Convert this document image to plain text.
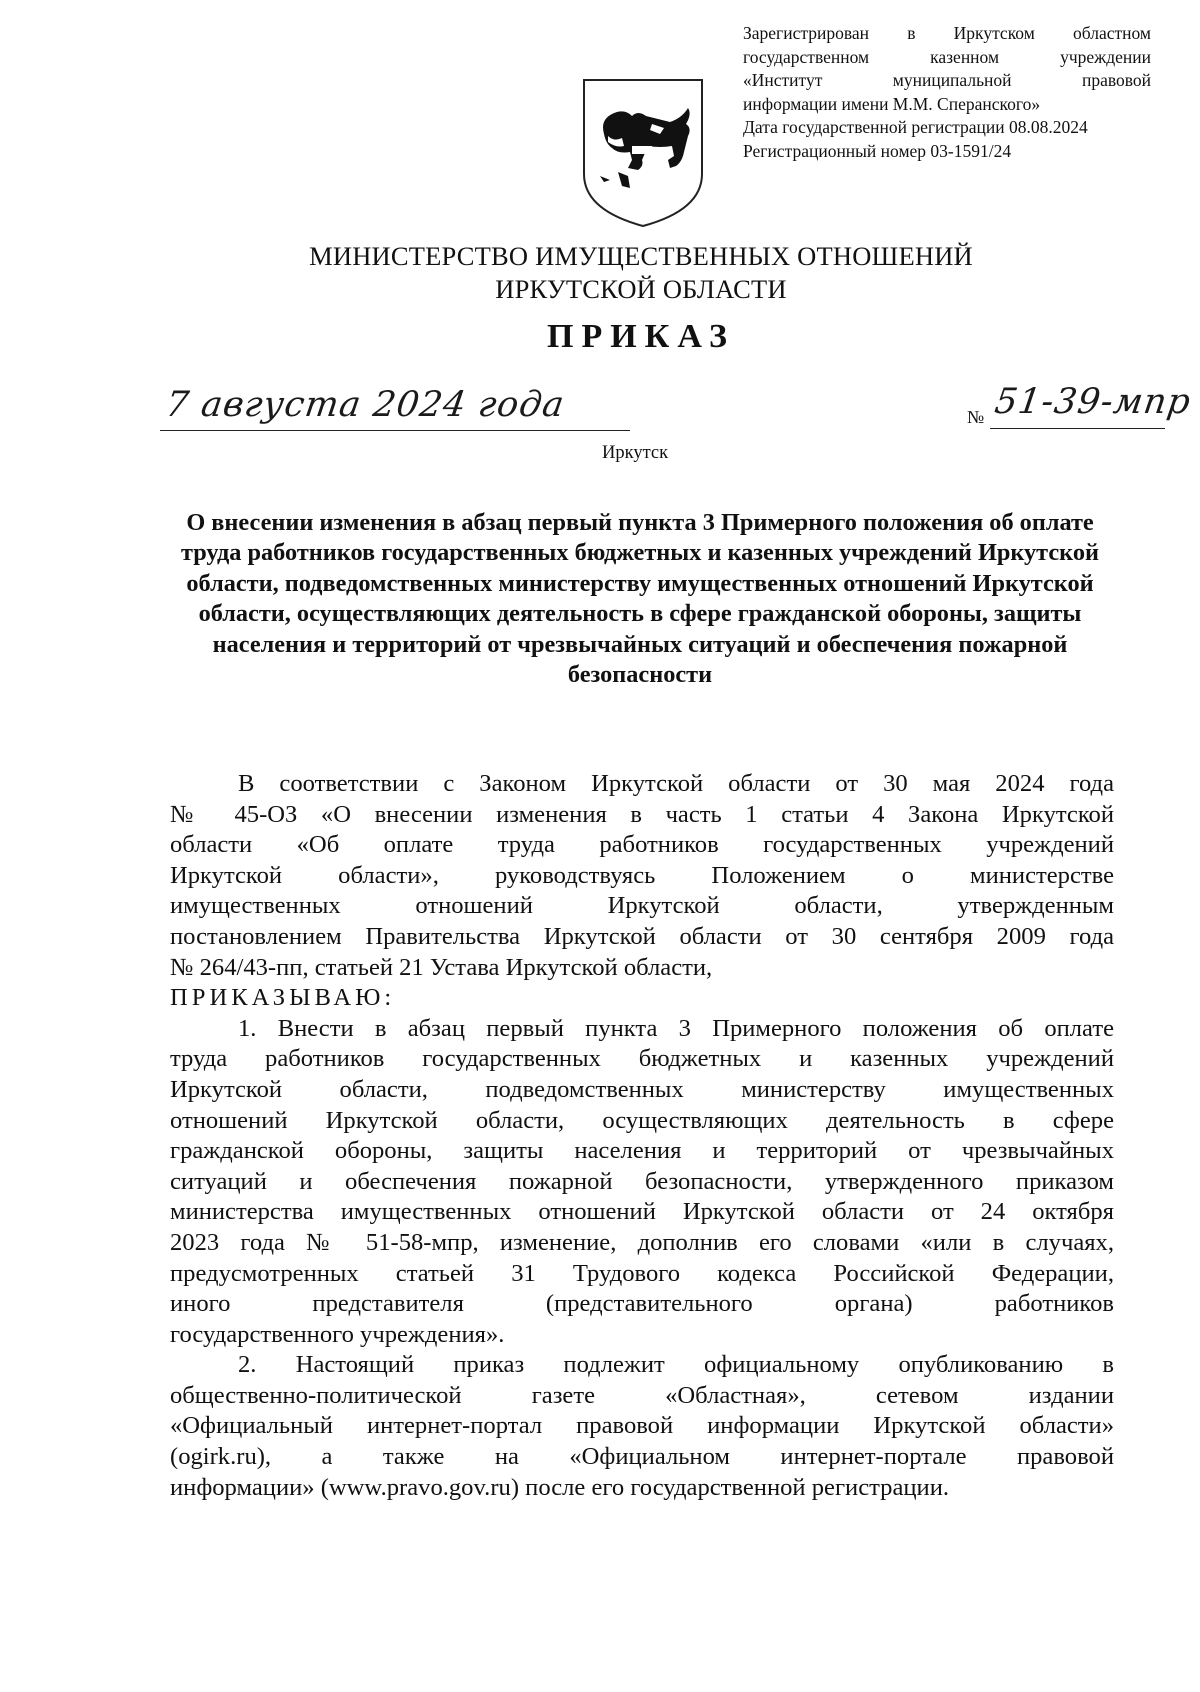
Зарегистрирован в Иркутском областном
государственном казенном учреждении
«Институт муниципальной правовой
информации имени М.М. Сперанского»
Дата государственной регистрации 08.08.2024
Регистрационный номер 03-1591/24
МИНИСТЕРСТВО ИМУЩЕСТВЕННЫХ ОТНОШЕНИЙ
ИРКУТСКОЙ ОБЛАСТИ
ПРИКАЗ
7 августа 2024 года	№ 51-39-мпр
Иркутск
О внесении изменения в абзац первый пункта 3 Примерного положения об оплате труда работников государственных бюджетных и казенных учреждений Иркутской области, подведомственных министерству имущественных отношений Иркутской области, осуществляющих деятельность в сфере гражданской обороны, защиты населения и территорий от чрезвычайных ситуаций и обеспечения пожарной безопасности
В соответствии с Законом Иркутской области от 30 мая 2024 года
№ 45-ОЗ «О внесении изменения в часть 1 статьи 4 Закона Иркутской
области «Об оплате труда работников государственных учреждений
Иркутской области», руководствуясь Положением о министерстве
имущественных отношений Иркутской области, утвержденным
постановлением Правительства Иркутской области от 30 сентября 2009 года
№ 264/43-пп, статьей 21 Устава Иркутской области,
ПРИКАЗЫВАЮ:
1. Внести в абзац первый пункта 3 Примерного положения об оплате
труда работников государственных бюджетных и казенных учреждений
Иркутской области, подведомственных министерству имущественных
отношений Иркутской области, осуществляющих деятельность в сфере
гражданской обороны, защиты населения и территорий от чрезвычайных
ситуаций и обеспечения пожарной безопасности, утвержденного приказом
министерства имущественных отношений Иркутской области от 24 октября
2023 года № 51-58-мпр, изменение, дополнив его словами «или в случаях,
предусмотренных статьей 31 Трудового кодекса Российской Федерации,
иного представителя (представительного органа) работников
государственного учреждения».
2. Настоящий приказ подлежит официальному опубликованию в
общественно-политической газете «Областная», сетевом издании
«Официальный интернет-портал правовой информации Иркутской области»
(ogirk.ru), а также на «Официальном интернет-портале правовой
информации» (www.pravo.gov.ru) после его государственной регистрации.
